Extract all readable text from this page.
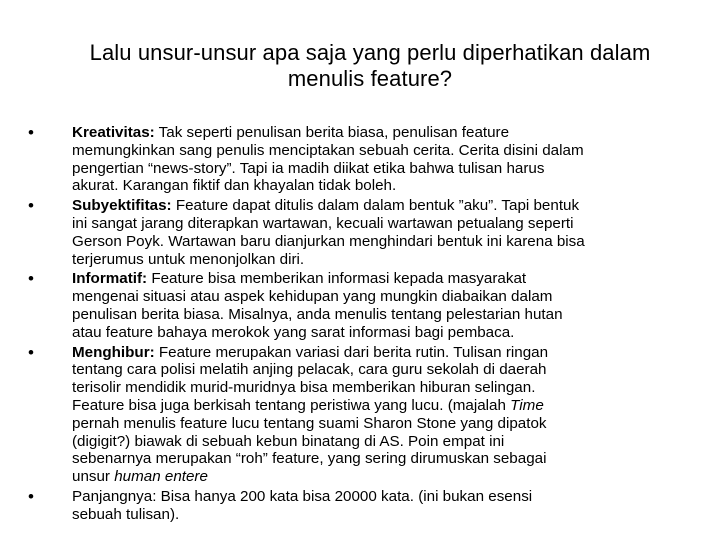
Lalu unsur-unsur apa saja yang perlu diperhatikan dalam
menulis feature?
•	Kreativitas: Tak seperti penulisan berita biasa, penulisan feature
memungkinkan sang penulis menciptakan sebuah cerita. Cerita disini dalam
pengertian “news-story”. Tapi ia madih diikat etika bahwa tulisan harus
akurat. Karangan fiktif dan khayalan tidak boleh.
•	Subyektifitas: Feature dapat ditulis dalam dalam bentuk ”aku”. Tapi bentuk
ini sangat jarang diterapkan wartawan, kecuali wartawan petualang seperti
Gerson Poyk. Wartawan baru dianjurkan menghindari bentuk ini karena bisa
terjerumus untuk menonjolkan diri.
•	Informatif: Feature bisa memberikan informasi kepada masyarakat
mengenai situasi atau aspek kehidupan yang mungkin diabaikan dalam
penulisan berita biasa. Misalnya, anda menulis tentang pelestarian hutan
atau feature bahaya merokok yang sarat informasi bagi pembaca.
•	Menghibur: Feature merupakan variasi dari berita rutin. Tulisan ringan
tentang cara polisi melatih anjing pelacak, cara guru sekolah di daerah
terisolir mendidik murid-muridnya bisa memberikan hiburan selingan.
Feature bisa juga berkisah tentang peristiwa yang lucu. (majalah Time
pernah menulis feature lucu tentang suami Sharon Stone yang dipatok
(digigit?) biawak di sebuah kebun binatang di AS. Poin empat ini
sebenarnya merupakan “roh” feature, yang sering dirumuskan sebagai
unsur human entere
•	Panjangnya: Bisa hanya 200 kata bisa 20000 kata. (ini bukan esensi
sebuah tulisan).
